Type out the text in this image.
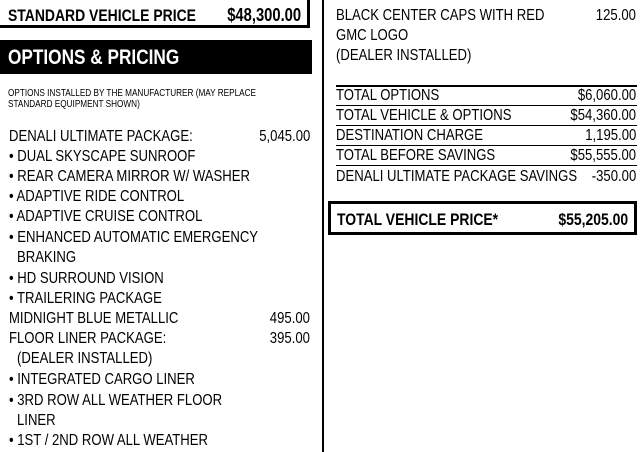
STANDARD VEHICLE PRICE $48,300.00
OPTIONS & PRICING
OPTIONS INSTALLED BY THE MANUFACTURER (MAY REPLACE STANDARD EQUIPMENT SHOWN)
DENALI ULTIMATE PACKAGE:	5,045.00
• DUAL SKYSCAPE SUNROOF
• REAR CAMERA MIRROR W/ WASHER
• ADAPTIVE RIDE CONTROL
• ADAPTIVE CRUISE CONTROL
• ENHANCED AUTOMATIC EMERGENCY
BRAKING
• HD SURROUND VISION
• TRAILERING PACKAGE
MIDNIGHT BLUE METALLIC	495.00
FLOOR LINER PACKAGE:	395.00
(DEALER INSTALLED)
• INTEGRATED CARGO LINER
• 3RD ROW ALL WEATHER FLOOR
LINER
• 1ST / 2ND ROW ALL WEATHER
BLACK CENTER CAPS WITH RED	125.00
GMC LOGO
(DEALER INSTALLED)
TOTAL OPTIONS	$6,060.00
TOTAL VEHICLE & OPTIONS	$54,360.00
DESTINATION CHARGE	1,195.00
TOTAL BEFORE SAVINGS	$55,555.00
DENALI ULTIMATE PACKAGE SAVINGS -350.00
TOTAL VEHICLE PRICE*	$55,205.00
